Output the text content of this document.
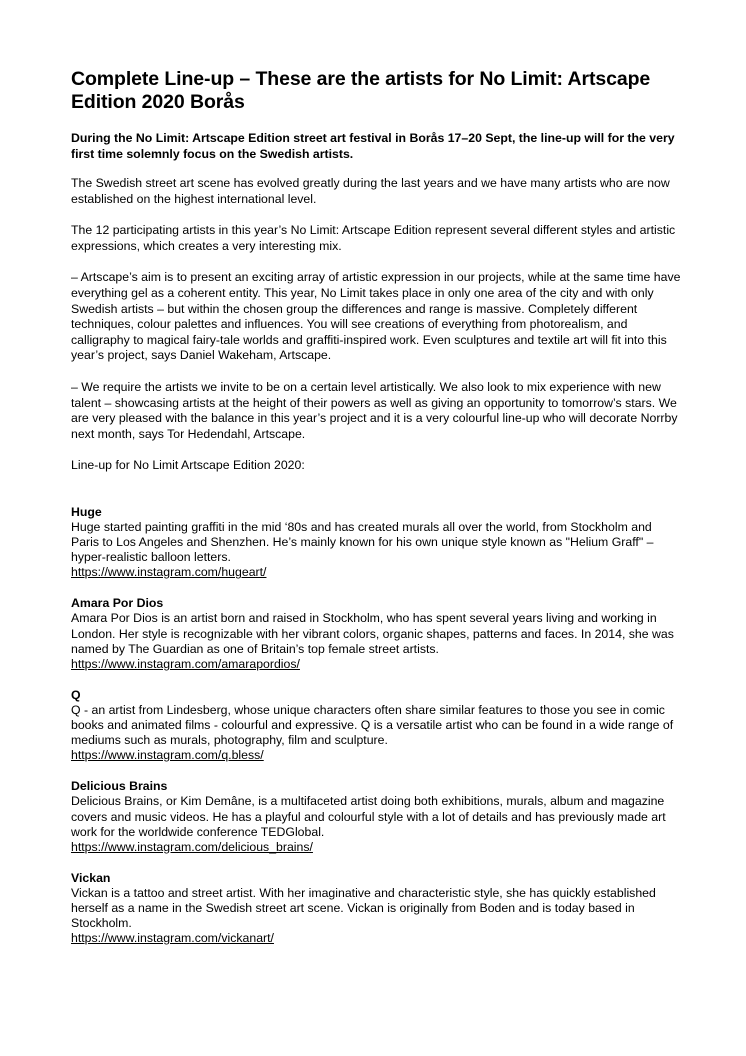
Complete Line-up – These are the artists for No Limit: Artscape Edition 2020 Borås

During the No Limit: Artscape Edition street art festival in Borås 17–20 Sept, the line-up will for the very first time solemnly focus on the Swedish artists.

The Swedish street art scene has evolved greatly during the last years and we have many artists who are now established on the highest international level.

The 12 participating artists in this year’s No Limit: Artscape Edition represent several different styles and artistic expressions, which creates a very interesting mix.

– Artscape’s aim is to present an exciting array of artistic expression in our projects, while at the same time have everything gel as a coherent entity. This year, No Limit takes place in only one area of the city and with only Swedish artists – but within the chosen group the differences and range is massive. Completely different techniques, colour palettes and influences. You will see creations of everything from photorealism, and calligraphy to magical fairy-tale worlds and graffiti-inspired work. Even sculptures and textile art will fit into this year’s project, says Daniel Wakeham, Artscape.

– We require the artists we invite to be on a certain level artistically. We also look to mix experience with new talent – showcasing artists at the height of their powers as well as giving an opportunity to tomorrow’s stars. We are very pleased with the balance in this year’s project and it is a very colourful line-up who will decorate Norrby next month, says Tor Hedendahl, Artscape.

Line-up for No Limit Artscape Edition 2020:

Huge
Huge started painting graffiti in the mid ‘80s and has created murals all over the world, from Stockholm and Paris to Los Angeles and Shenzhen. He’s mainly known for his own unique style known as "Helium Graff" – hyper-realistic balloon letters.
https://www.instagram.com/hugeart/
Amara Por Dios
Amara Por Dios is an artist born and raised in Stockholm, who has spent several years living and working in London. Her style is recognizable with her vibrant colors, organic shapes, patterns and faces. In 2014, she was named by The Guardian as one of Britain’s top female street artists.
https://www.instagram.com/amarapordios/
Q
Q - an artist from Lindesberg, whose unique characters often share similar features to those you see in comic books and animated films - colourful and expressive. Q is a versatile artist who can be found in a wide range of mediums such as murals, photography, film and sculpture.
https://www.instagram.com/q.bless/
Delicious Brains
Delicious Brains, or Kim Demâne, is a multifaceted artist doing both exhibitions, murals, album and magazine covers and music videos. He has a playful and colourful style with a lot of details and has previously made art work for the worldwide conference TEDGlobal.
https://www.instagram.com/delicious_brains/
Vickan
Vickan is a tattoo and street artist. With her imaginative and characteristic style, she has quickly established herself as a name in the Swedish street art scene. Vickan is originally from Boden and is today based in Stockholm.
https://www.instagram.com/vickanart/
